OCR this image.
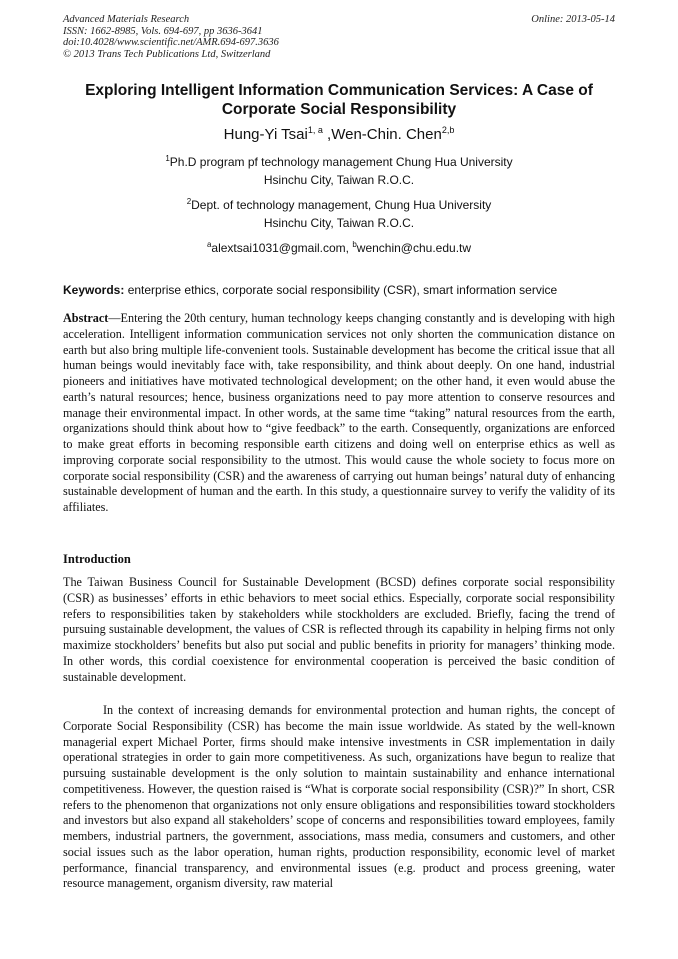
Advanced Materials Research
ISSN: 1662-8985, Vols. 694-697, pp 3636-3641
doi:10.4028/www.scientific.net/AMR.694-697.3636
© 2013 Trans Tech Publications Ltd, Switzerland
Online: 2013-05-14
Exploring Intelligent Information Communication Services: A Case of
Corporate Social Responsibility
Hung-Yi Tsai$^{1, a}$ ,Wen-Chin. Chen$^{2,b}$
$^1$Ph.D program pf technology management Chung Hua University
Hsinchu City, Taiwan R.O.C.
$^2$Dept. of technology management, Chung Hua University
Hsinchu City, Taiwan R.O.C.
$^a$alextsai1031@gmail.com, $^b$wenchin@chu.edu.tw
Keywords: enterprise ethics, corporate social responsibility (CSR), smart information service
Abstract—Entering the 20th century, human technology keeps changing constantly and is developing with high acceleration. Intelligent information communication services not only shorten the communication distance on earth but also bring multiple life-convenient tools. Sustainable development has become the critical issue that all human beings would inevitably face with, take responsibility, and think about deeply. On one hand, industrial pioneers and initiatives have motivated technological development; on the other hand, it even would abuse the earth’s natural resources; hence, business organizations need to pay more attention to conserve resources and manage their environmental impact. In other words, at the same time “taking” natural resources from the earth, organizations should think about how to “give feedback” to the earth. Consequently, organizations are enforced to make great efforts in becoming responsible earth citizens and doing well on enterprise ethics as well as improving corporate social responsibility to the utmost. This would cause the whole society to focus more on corporate social responsibility (CSR) and the awareness of carrying out human beings’ natural duty of enhancing sustainable development of human and the earth. In this study, a questionnaire survey to verify the validity of its affiliates.
Introduction
The Taiwan Business Council for Sustainable Development (BCSD) defines corporate social responsibility (CSR) as businesses’ efforts in ethic behaviors to meet social ethics. Especially, corporate social responsibility refers to responsibilities taken by stakeholders while stockholders are excluded. Briefly, facing the trend of pursuing sustainable development, the values of CSR is reflected through its capability in helping firms not only maximize stockholders’ benefits but also put social and public benefits in priority for managers’ thinking mode. In other words, this cordial coexistence for environmental cooperation is perceived the basic condition of sustainable development.
In the context of increasing demands for environmental protection and human rights, the concept of Corporate Social Responsibility (CSR) has become the main issue worldwide. As stated by the well-known managerial expert Michael Porter, firms should make intensive investments in CSR implementation in daily operational strategies in order to gain more competitiveness. As such, organizations have begun to realize that pursuing sustainable development is the only solution to maintain sustainability and enhance international competitiveness. However, the question raised is “What is corporate social responsibility (CSR)?” In short, CSR refers to the phenomenon that organizations not only ensure obligations and responsibilities toward stockholders and investors but also expand all stakeholders’ scope of concerns and responsibilities toward employees, family members, industrial partners, the government, associations, mass media, consumers and customers, and other social issues such as the labor operation, human rights, production responsibility, economic level of market performance, financial transparency, and environmental issues (e.g. product and process greening, water resource management, organism diversity, raw material
